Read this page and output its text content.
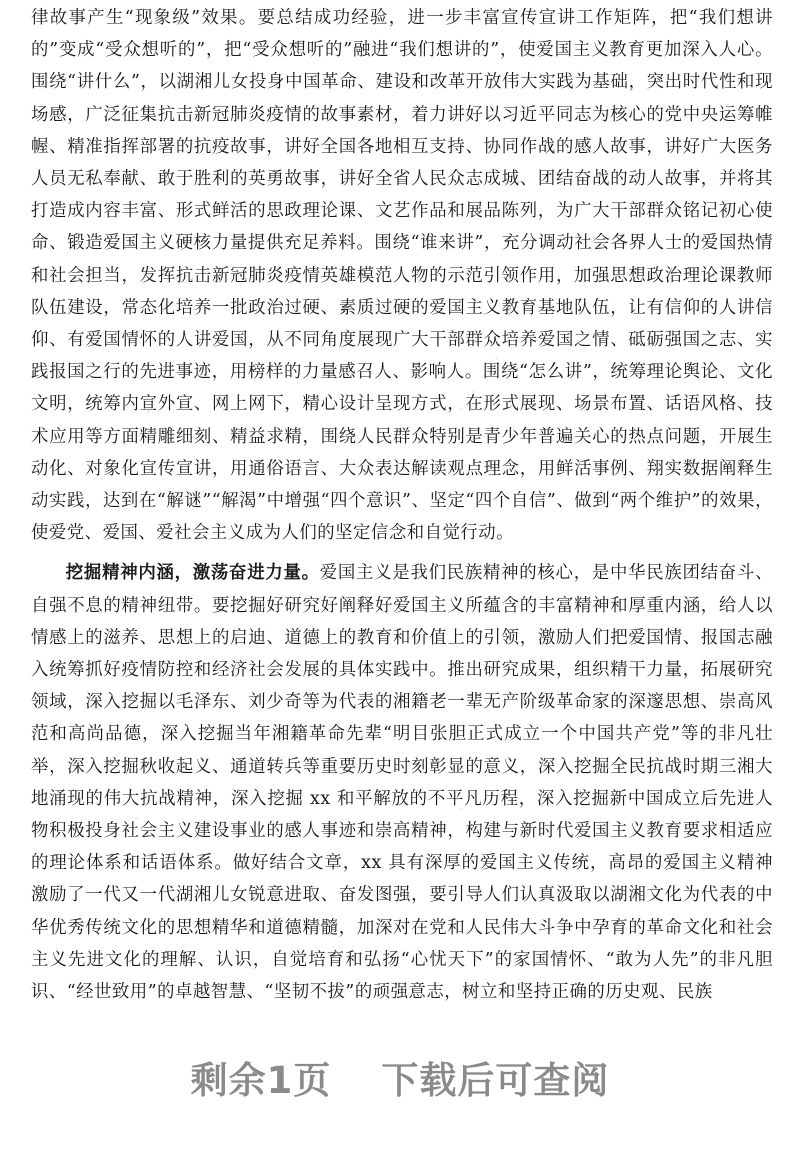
· · · · ·
· · · · ·
· · · · ·
· · · · ·

律故事产生“现象级”效果。要总结成功经验，进一步丰富宣传宣讲工作矩阵，把“我们想讲的”变成“受众想听的”，把“受众想听的”融进“我们想讲的”，使爱国主义教育更加深入人心。围绕“讲什么”，以湖湘儿女投身中国革命、建设和改革开放伟大实践为基础，突出时代性和现场感，广泛征集抗击新冠肺炎疫情的故事素材，着力讲好以习近平同志为核心的党中央运筹帷幄、精准指挥部署的抗疫故事，讲好全国各地相互支持、协同作战的感人故事，讲好广大医务人员无私奉献、敢于胜利的英勇故事，讲好全省人民众志成城、团结奋战的动人故事，并将其打造成内容丰富、形式鲜活的思政理论课、文艺作品和展品陈列，为广大干部群众铭记初心使命、锻造爱国主义硬核力量提供充足养料。围绕“谁来讲”，充分调动社会各界人士的爱国热情和社会担当，发挥抗击新冠肺炎疫情英雄模范人物的示范引领作用，加强思想政治理论课教师队伍建设，常态化培养一批政治过硬、素质过硬的爱国主义教育基地队伍，让有信仰的人讲信仰、有爱国情怀的人讲爱国，从不同角度展现广大干部群众培养爱国之情、砥砺强国之志、实践报国之行的先进事迹，用榜样的力量感召人、影响人。围绕“怎么讲”，统筹理论舆论、文化文明，统筹内宣外宣、网上网下，精心设计呈现方式，在形式展现、场景布置、话语风格、技术应用等方面精雕细刻、精益求精，围绕人民群众特别是青少年普遍关心的热点问题，开展生动化、对象化宣传宣讲，用通俗语言、大众表达解读观点理念，用鲜活事例、翔实数据阐释生动实践，达到在“解谜”“解渴”中增强“四个意识”、坚定“四个自信”、做到“两个维护”的效果，使爱党、爱国、爱社会主义成为人们的坚定信念和自觉行动。

挖掘精神内涵，激荡奋进力量。爱国主义是我们民族精神的核心，是中华民族团结奋斗、自强不息的精神纽带。要挖掘好研究好阐释好爱国主义所蕴含的丰富精神和厚重内涵，给人以情感上的滋养、思想上的启迪、道德上的教育和价值上的引领，激励人们把爱国情、报国志融入统筹抓好疫情防控和经济社会发展的具体实践中。推出研究成果，组织精干力量，拓展研究领域，深入挖掘以毛泽东、刘少奇等为代表的湘籍老一辈无产阶级革命家的深邃思想、崇高风范和高尚品德，深入挖掘当年湘籍革命先辈“明目张胆正式成立一个中国共产党”等的非凡壮举，深入挖掘秋收起义、通道转兵等重要历史时刻彰显的意义，深入挖掘全民抗战时期三湘大地涌现的伟大抗战精神，深入挖掘 xx 和平解放的不平凡历程，深入挖掘新中国成立后先进人物积极投身社会主义建设事业的感人事迹和崇高精神，构建与新时代爱国主义教育要求相适应的理论体系和话语体系。做好结合文章，xx 具有深厚的爱国主义传统，高昂的爱国主义精神激励了一代又一代湖湘儿女锐意进取、奋发图强，要引导人们认真汲取以湖湘文化为代表的中华优秀传统文化的思想精华和道德精髓，加深对在党和人民伟大斗争中孕育的革命文化和社会主义先进文化的理解、认识，自觉培育和弘扬“心忧天下”的家国情怀、“敢为人先”的非凡胆识、“经世致用”的卓越智慧、“坚韧不拔”的顽强意志，树立和坚持正确的历史观、民族

剩余1页 下载后可查阅
